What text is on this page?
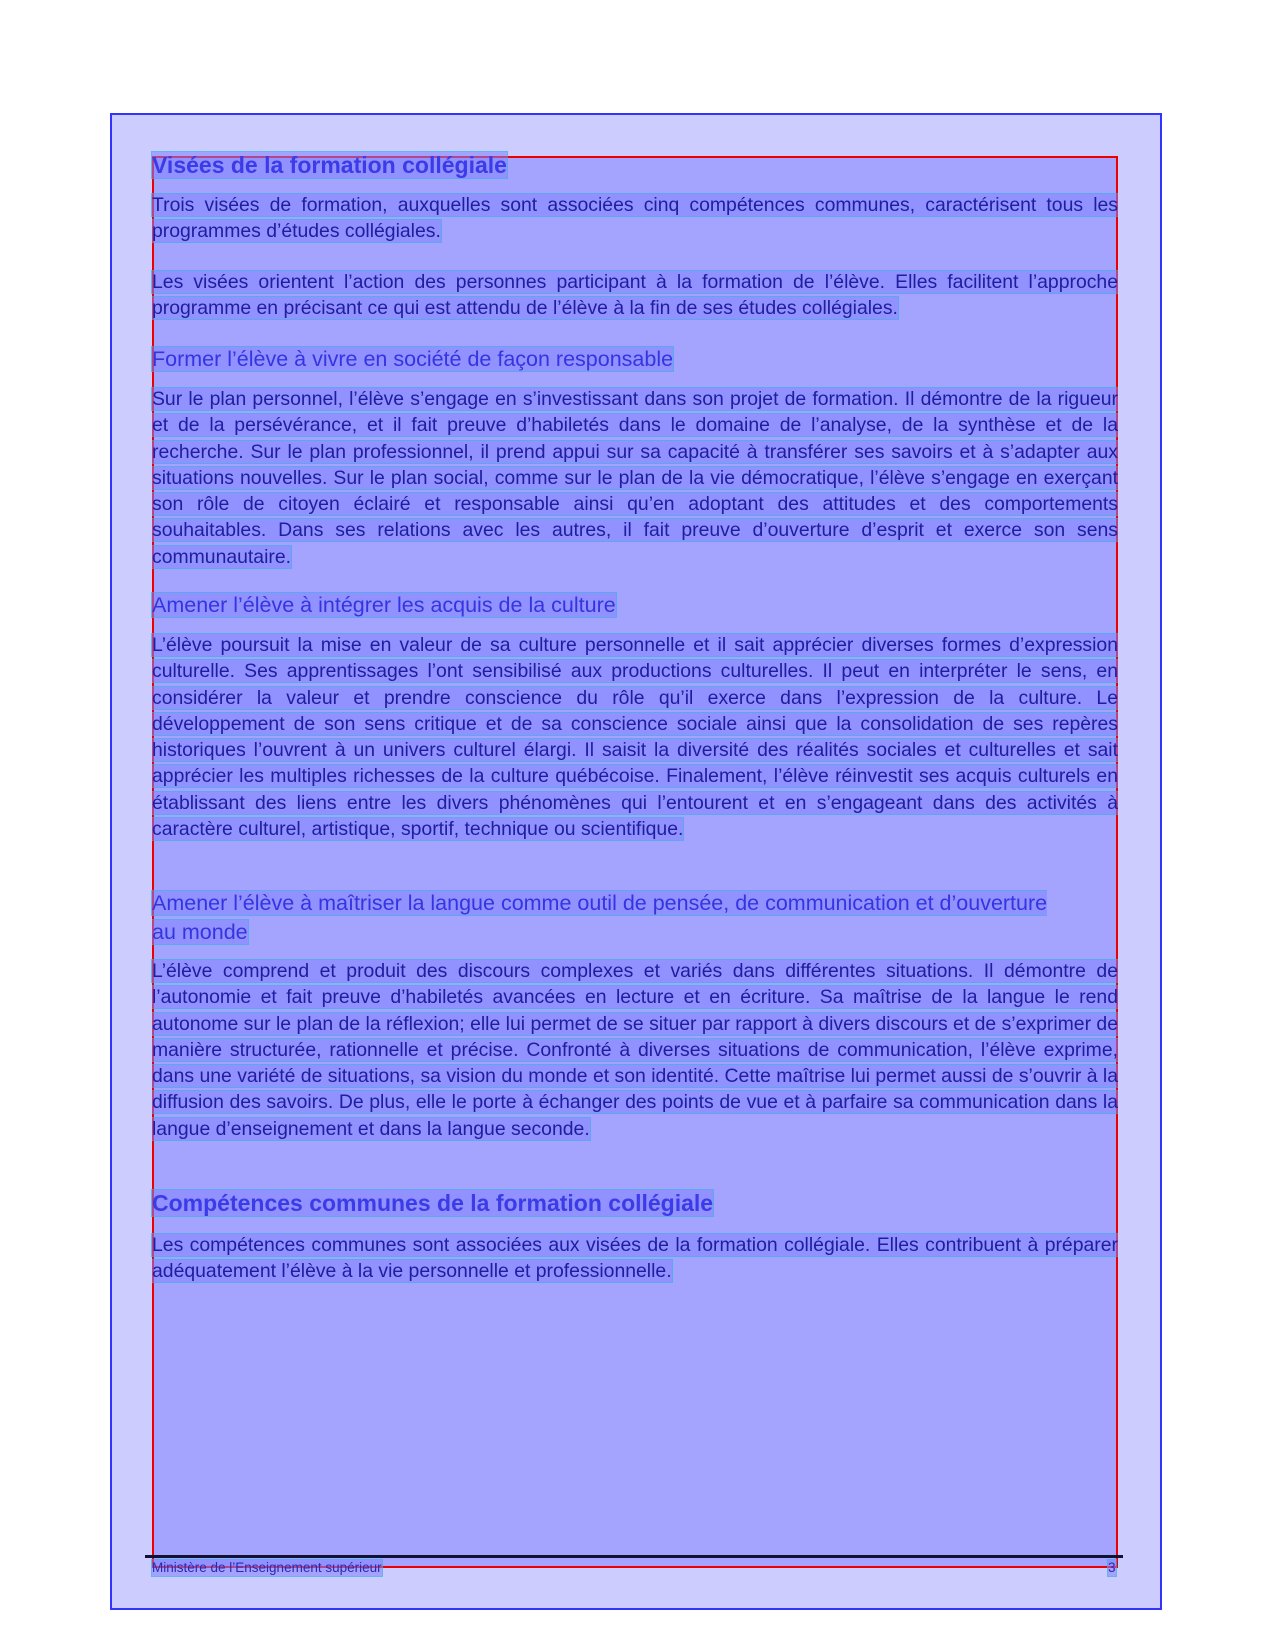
Visées de la formation collégiale

Trois visées de formation, auxquelles sont associées cinq compétences communes, caractérisent tous les programmes d’études collégiales.

Les visées orientent l’action des personnes participant à la formation de l’élève. Elles facilitent l’approche programme en précisant ce qui est attendu de l’élève à la fin de ses études collégiales.

Former l’élève à vivre en société de façon responsable

Sur le plan personnel, l’élève s’engage en s’investissant dans son projet de formation. Il démontre de la rigueur et de la persévérance, et il fait preuve d’habiletés dans le domaine de l’analyse, de la synthèse et de la recherche. Sur le plan professionnel, il prend appui sur sa capacité à transférer ses savoirs et à s’adapter aux situations nouvelles. Sur le plan social, comme sur le plan de la vie démocratique, l’élève s’engage en exerçant son rôle de citoyen éclairé et responsable ainsi qu’en adoptant des attitudes et des comportements souhaitables. Dans ses relations avec les autres, il fait preuve d’ouverture d’esprit et exerce son sens communautaire.

Amener l’élève à intégrer les acquis de la culture

L’élève poursuit la mise en valeur de sa culture personnelle et il sait apprécier diverses formes d’expression culturelle. Ses apprentissages l’ont sensibilisé aux productions culturelles. Il peut en interpréter le sens, en considérer la valeur et prendre conscience du rôle qu’il exerce dans l’expression de la culture. Le développement de son sens critique et de sa conscience sociale ainsi que la consolidation de ses repères historiques l’ouvrent à un univers culturel élargi. Il saisit la diversité des réalités sociales et culturelles et sait apprécier les multiples richesses de la culture québécoise. Finalement, l’élève réinvestit ses acquis culturels en établissant des liens entre les divers phénomènes qui l’entourent et en s’engageant dans des activités à caractère culturel, artistique, sportif, technique ou scientifique.

Amener l’élève à maîtriser la langue comme outil de pensée, de communication et d’ouverture au monde

L’élève comprend et produit des discours complexes et variés dans différentes situations. Il démontre de l’autonomie et fait preuve d’habiletés avancées en lecture et en écriture. Sa maîtrise de la langue le rend autonome sur le plan de la réflexion; elle lui permet de se situer par rapport à divers discours et de s’exprimer de manière structurée, rationnelle et précise. Confronté à diverses situations de communication, l’élève exprime, dans une variété de situations, sa vision du monde et son identité. Cette maîtrise lui permet aussi de s’ouvrir à la diffusion des savoirs. De plus, elle le porte à échanger des points de vue et à parfaire sa communication dans la langue d’enseignement et dans la langue seconde.

Compétences communes de la formation collégiale

Les compétences communes sont associées aux visées de la formation collégiale. Elles contribuent à préparer adéquatement l’élève à la vie personnelle et professionnelle.

Ministère de l’Enseignement supérieur	3
